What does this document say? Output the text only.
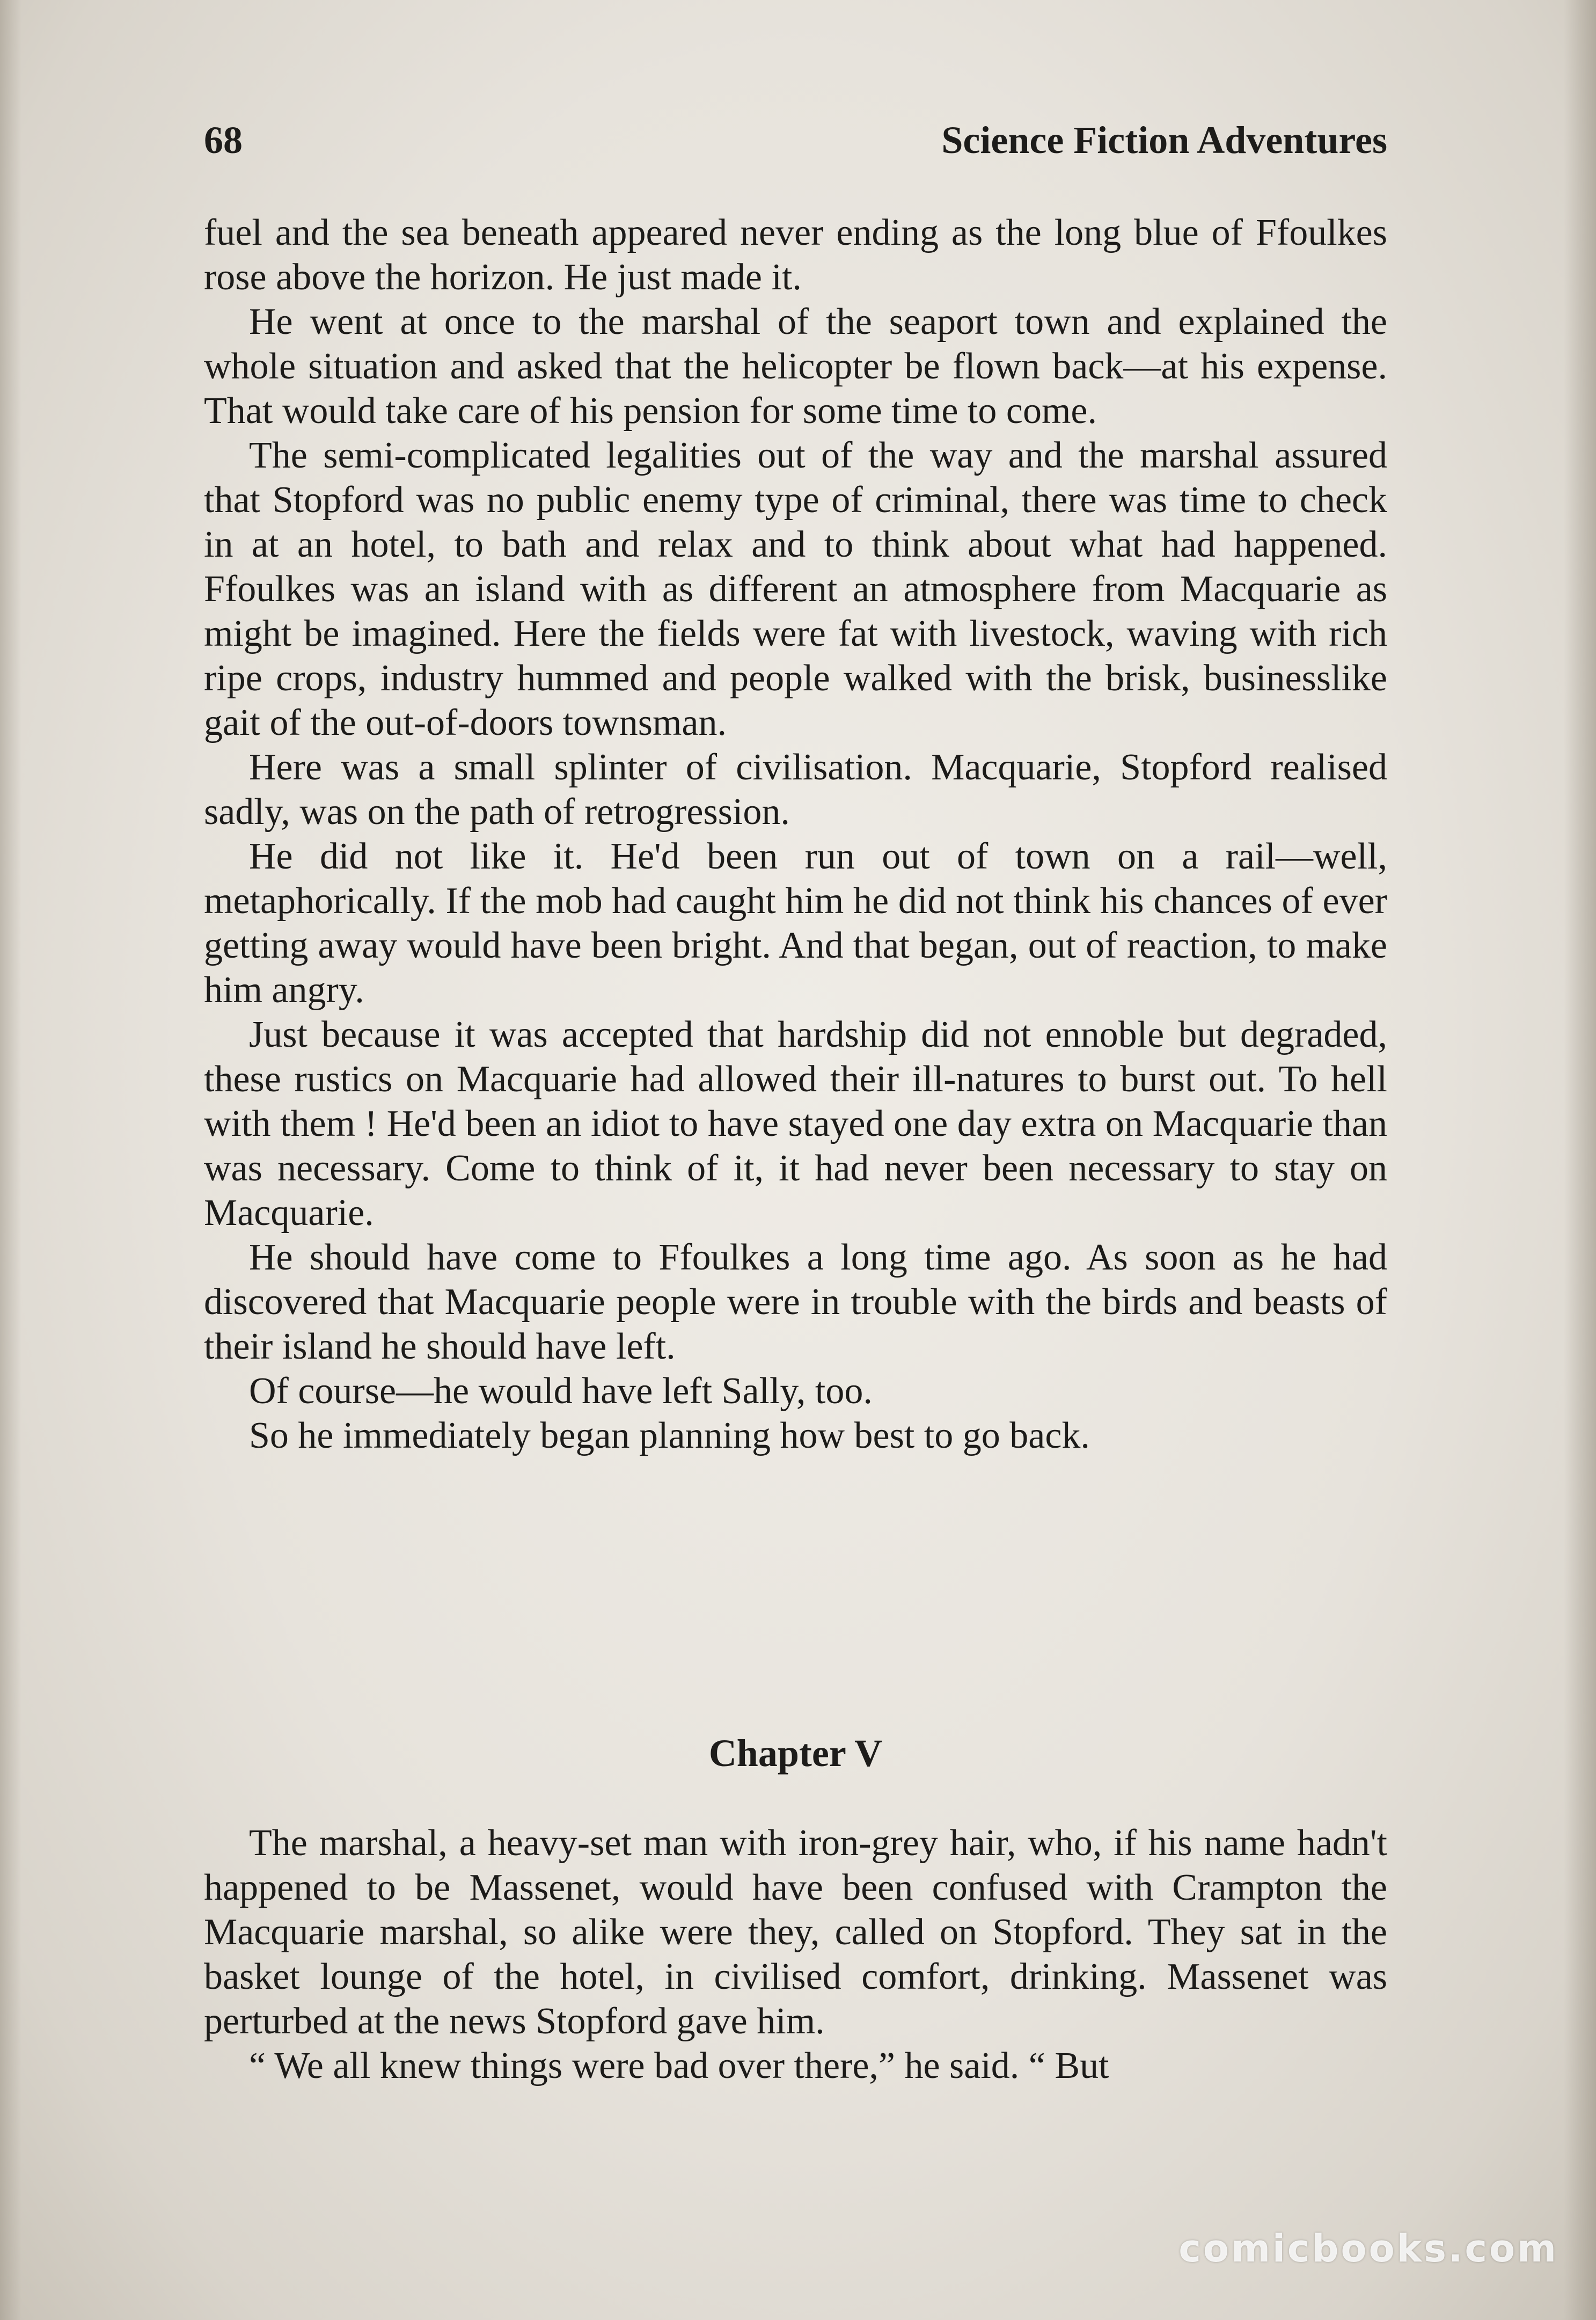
68	Science Fiction Adventures

fuel and the sea beneath appeared never ending as the long blue of Ffoulkes rose above the horizon. He just made it.

He went at once to the marshal of the seaport town and explained the whole situation and asked that the helicopter be flown back—at his expense. That would take care of his pension for some time to come.

The semi-complicated legalities out of the way and the marshal assured that Stopford was no public enemy type of criminal, there was time to check in at an hotel, to bath and relax and to think about what had happened. Ffoulkes was an island with as different an atmosphere from Macquarie as might be imagined. Here the fields were fat with livestock, waving with rich ripe crops, industry hummed and people walked with the brisk, businesslike gait of the out-of-doors townsman.

Here was a small splinter of civilisation. Macquarie, Stopford realised sadly, was on the path of retrogression.

He did not like it. He'd been run out of town on a rail—well, metaphorically. If the mob had caught him he did not think his chances of ever getting away would have been bright. And that began, out of reaction, to make him angry.

Just because it was accepted that hardship did not ennoble but degraded, these rustics on Macquarie had allowed their ill-natures to burst out. To hell with them ! He'd been an idiot to have stayed one day extra on Macquarie than was necessary. Come to think of it, it had never been necessary to stay on Macquarie.

He should have come to Ffoulkes a long time ago. As soon as he had discovered that Macquarie people were in trouble with the birds and beasts of their island he should have left.

Of course—he would have left Sally, too.

So he immediately began planning how best to go back.

Chapter V

The marshal, a heavy-set man with iron-grey hair, who, if his name hadn't happened to be Massenet, would have been confused with Crampton the Macquarie marshal, so alike were they, called on Stopford. They sat in the basket lounge of the hotel, in civilised comfort, drinking. Massenet was perturbed at the news Stopford gave him.

“ We all knew things were bad over there,” he said. “ But

comicbooks.com
